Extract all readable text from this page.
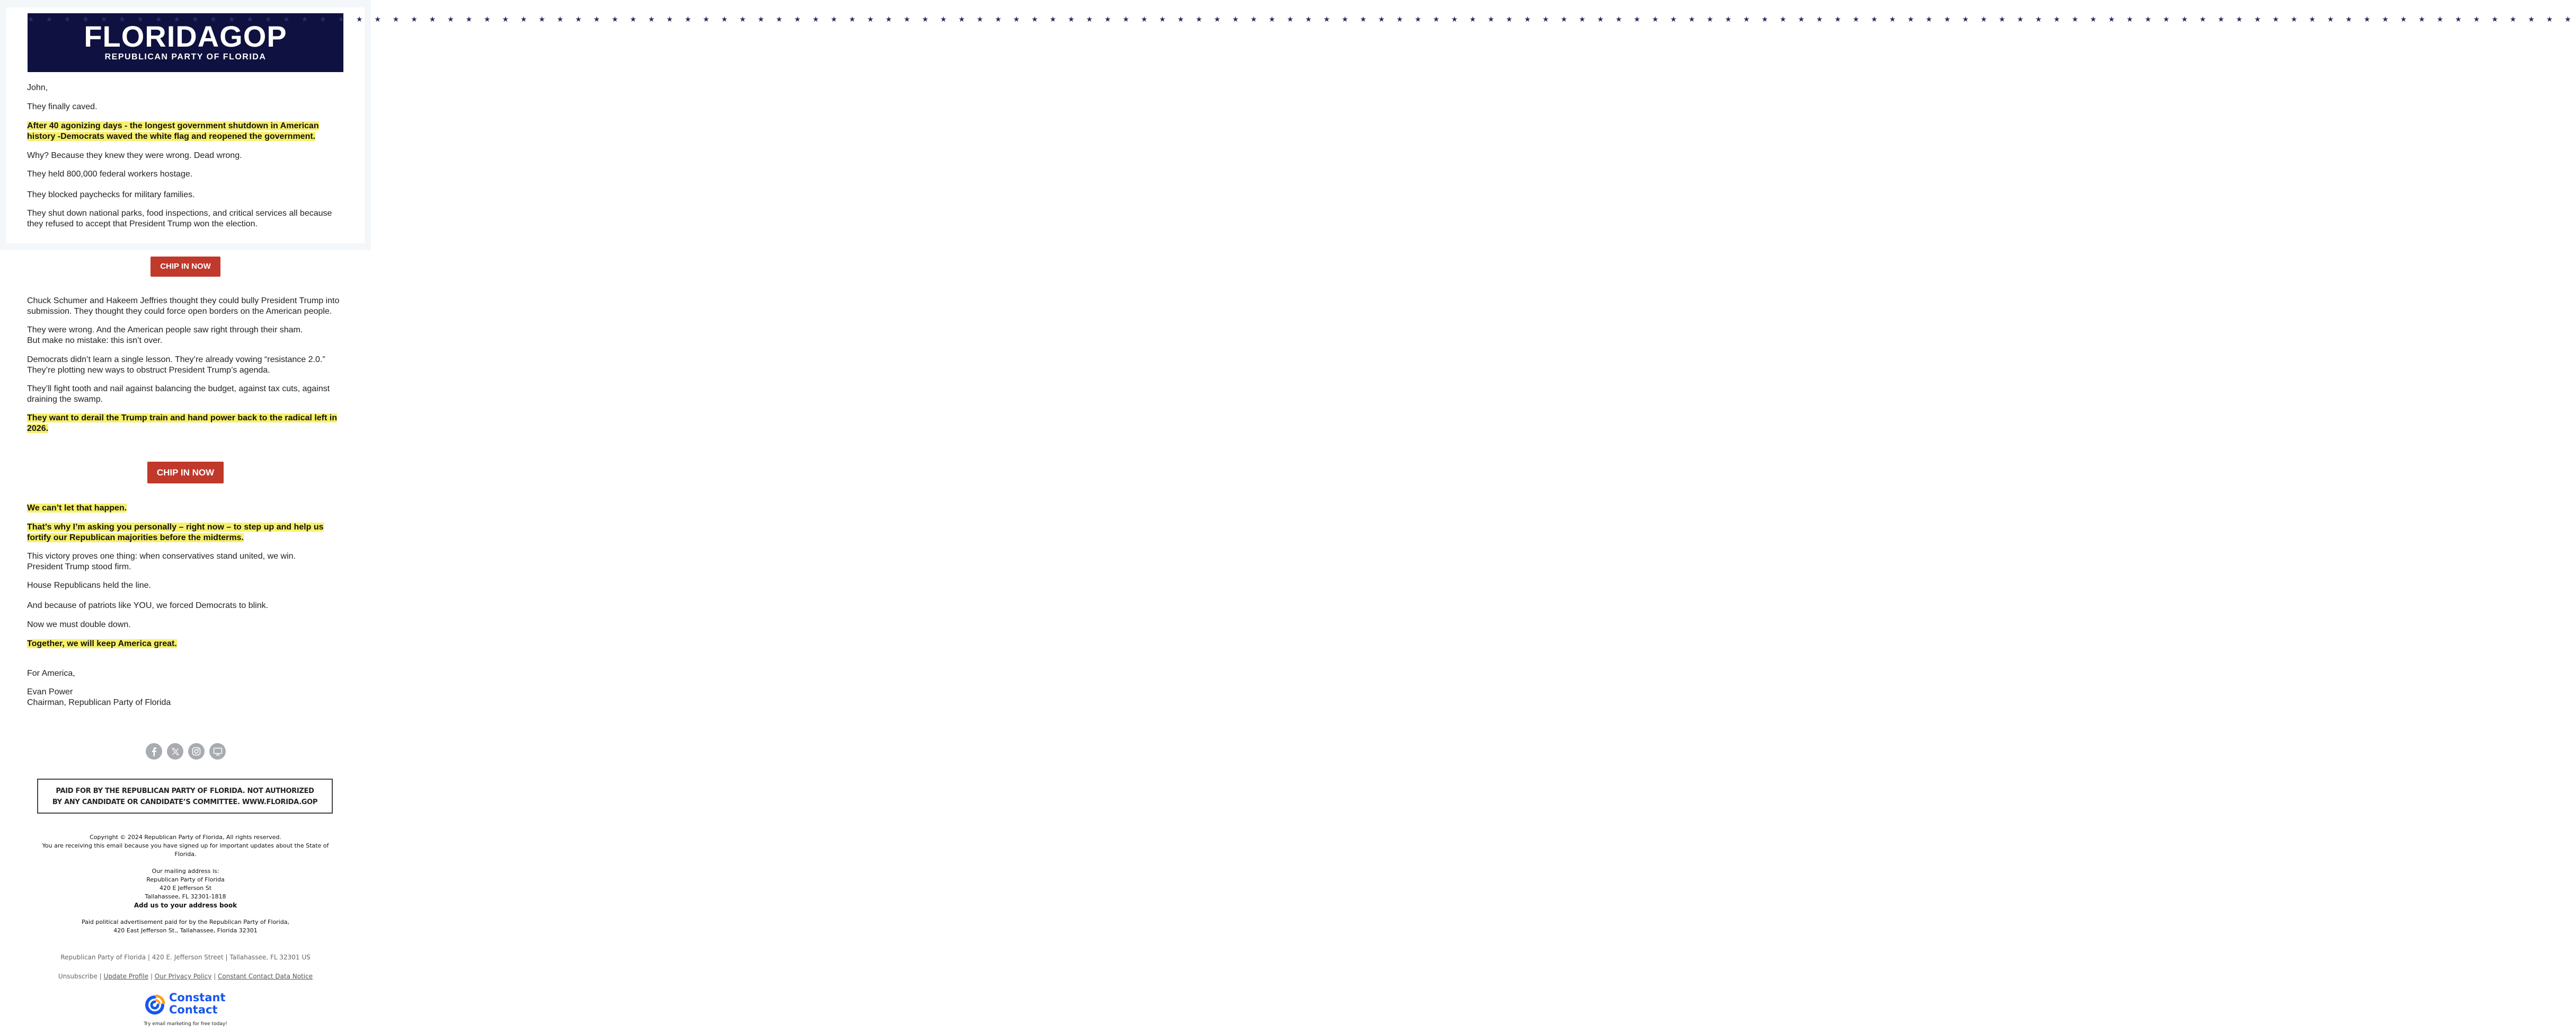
★ ★ ★ ★ ★ ★ ★ ★ ★ ★ ★ ★ ★ ★ ★ ★ ★ ★ ★ ★ ★ ★ ★ ★ ★ ★ ★ ★ ★ ★ ★ ★ ★ ★ ★ ★ ★ ★ ★ ★ ★ ★ ★ ★ ★ ★ ★ ★ ★ ★ ★ ★ ★ ★ ★ ★ ★ ★ ★ ★ ★ ★ ★ ★ ★ ★ ★ ★ ★ ★ ★ ★ ★ ★ ★ ★ ★ ★ ★ ★ ★ ★ ★ ★ ★ ★ ★ ★ ★ ★ ★ ★ ★ ★ ★ ★ ★ ★ ★ ★ ★ ★ ★ ★ ★ ★ ★ ★ ★ ★ ★ ★ ★ ★ ★ ★ ★ ★ ★ ★ ★ ★ ★ ★ ★ ★ ★ ★ ★ ★ ★ ★ ★ ★ ★ ★ ★ ★ ★ ★
FLORIDAGOP
REPUBLICAN PARTY OF FLORIDA

John,

They finally caved.

After 40 agonizing days - the longest government shutdown in American history -Democrats waved the white flag and reopened the government.

Why? Because they knew they were wrong. Dead wrong.

They held 800,000 federal workers hostage.

They blocked paychecks for military families.

They shut down national parks, food inspections, and critical services all because they refused to accept that President Trump won the election.

CHIP IN NOW

Chuck Schumer and Hakeem Jeffries thought they could bully President Trump into submission. They thought they could force open borders on the American people.

They were wrong. And the American people saw right through their sham.
But make no mistake: this isn’t over.

Democrats didn’t learn a single lesson. They’re already vowing “resistance 2.0.”
They’re plotting new ways to obstruct President Trump’s agenda.

They’ll fight tooth and nail against balancing the budget, against tax cuts, against draining the swamp.

They want to derail the Trump train and hand power back to the radical left in 2026.

CHIP IN NOW

We can’t let that happen.

That’s why I’m asking you personally – right now – to step up and help us fortify our Republican majorities before the midterms.

This victory proves one thing: when conservatives stand united, we win.
President Trump stood firm.

House Republicans held the line.

And because of patriots like YOU, we forced Democrats to blink.

Now we must double down.

Together, we will keep America great.

For America,

Evan Power
Chairman, Republican Party of Florida

PAID FOR BY THE REPUBLICAN PARTY OF FLORIDA. NOT AUTHORIZED
BY ANY CANDIDATE OR CANDIDATE’S COMMITTEE. WWW.FLORIDA.GOP
Copyright © 2024 Republican Party of Florida, All rights reserved.
You are receiving this email because you have signed up for important updates about the State of Florida.
Our mailing address is:
Republican Party of Florida
420 E Jefferson St
Tallahassee, FL 32301-1818
Add us to your address book
Paid political advertisement paid for by the Republican Party of Florida,
420 East Jefferson St., Tallahassee, Florida 32301
Republican Party of Florida | 420 E. Jefferson Street | Tallahassee, FL 32301 US
Unsubscribe | Update Profile | Our Privacy Policy | Constant Contact Data Notice
Constant
Contact
Try email marketing for free today!
